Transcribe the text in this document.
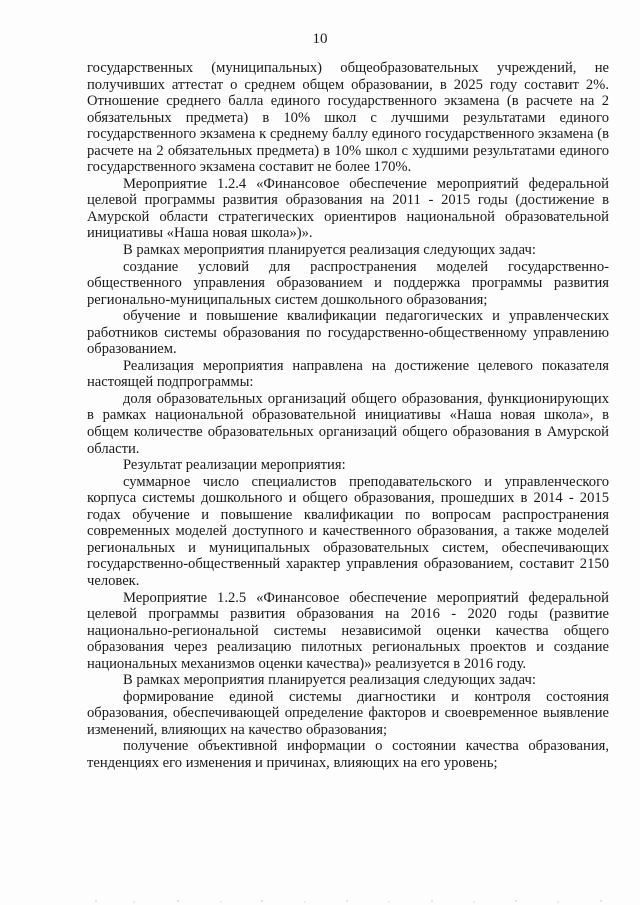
10

государственных (муниципальных) общеобразовательных учреждений, не получивших аттестат о среднем общем образовании, в 2025 году составит 2%. Отношение среднего балла единого государственного экзамена (в расчете на 2 обязательных предмета) в 10% школ с лучшими результатами единого государственного экзамена к среднему баллу единого государственного экзамена (в расчете на 2 обязательных предмета) в 10% школ с худшими результатами единого государственного экзамена составит не более 170%.

Мероприятие 1.2.4 «Финансовое обеспечение мероприятий федеральной целевой программы развития образования на 2011 - 2015 годы (достижение в Амурской области стратегических ориентиров национальной образовательной инициативы «Наша новая школа»)».

В рамках мероприятия планируется реализация следующих задач:

создание условий для распространения моделей государственно-общественного управления образованием и поддержка программы развития регионально-муниципальных систем дошкольного образования;

обучение и повышение квалификации педагогических и управленческих работников системы образования по государственно-общественному управлению образованием.

Реализация мероприятия направлена на достижение целевого показателя настоящей подпрограммы:

доля образовательных организаций общего образования, функционирующих в рамках национальной образовательной инициативы «Наша новая школа», в общем количестве образовательных организаций общего образования в Амурской области.

Результат реализации мероприятия:

суммарное число специалистов преподавательского и управленческого корпуса системы дошкольного и общего образования, прошедших в 2014 - 2015 годах обучение и повышение квалификации по вопросам распространения современных моделей доступного и качественного образования, а также моделей региональных и муниципальных образовательных систем, обеспечивающих государственно-общественный характер управления образованием, составит 2150 человек.

Мероприятие 1.2.5 «Финансовое обеспечение мероприятий федеральной целевой программы развития образования на 2016 - 2020 годы (развитие национально-региональной системы независимой оценки качества общего образования через реализацию пилотных региональных проектов и создание национальных механизмов оценки качества)» реализуется в 2016 году.

В рамках мероприятия планируется реализация следующих задач:

формирование единой системы диагностики и контроля состояния образования, обеспечивающей определение факторов и своевременное выявление изменений, влияющих на качество образования;

получение объективной информации о состоянии качества образования, тенденциях его изменения и причинах, влияющих на его уровень;
